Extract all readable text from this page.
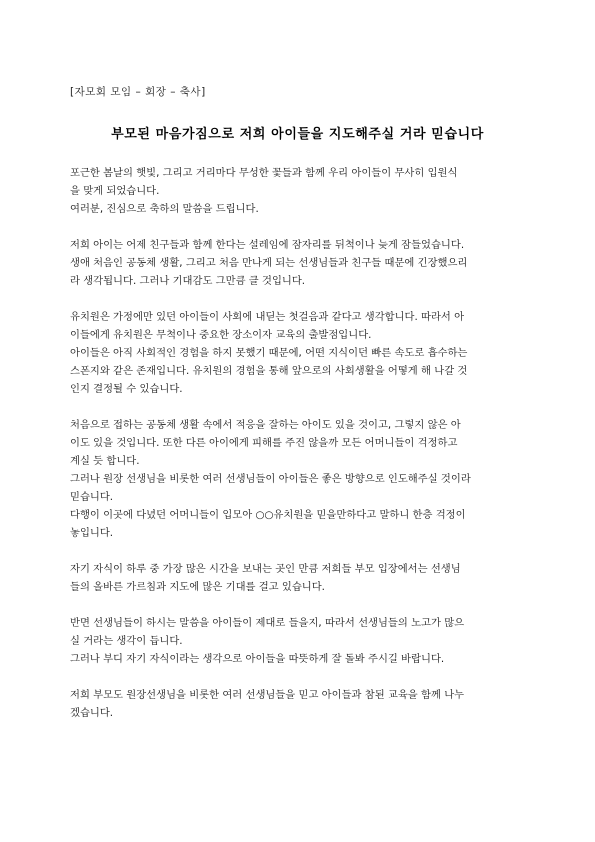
[자모회 모임 – 회장 – 축사]
부모된 마음가짐으로 저희 아이들을 지도해주실 거라 믿습니다
포근한 봄날의 햇빛, 그리고 거리마다 무성한 꽃들과 함께 우리 아이들이 무사히 입원식
을 맞게 되었습니다.
여러분, 진심으로 축하의 말씀을 드립니다.
저희 아이는 어제 친구들과 함께 한다는 설레임에 잠자리를 뒤척이나 늦게 잠들었습니다.
생애 처음인 공동체 생활, 그리고 처음 만나게 되는 선생님들과 친구들 때문에 긴장했으리
라 생각됩니다. 그러나 기대감도 그만큼 클 것입니다.
유치원은 가정에만 있던 아이들이 사회에 내딛는 첫걸음과 같다고 생각합니다. 따라서 아
이들에게 유치원은 무척이나 중요한 장소이자 교육의 출발점입니다.
아이들은 아직 사회적인 경험을 하지 못했기 때문에, 어떤 지식이던 빠른 속도로 흡수하는
스폰지와 같은 존재입니다. 유치원의 경험을 통해 앞으로의 사회생활을 어떻게 해 나갈 것
인지 결정될 수 있습니다.
처음으로 접하는 공동체 생활 속에서 적응을 잘하는 아이도 있을 것이고, 그렇지 않은 아
이도 있을 것입니다. 또한 다른 아이에게 피해를 주진 않을까 모든 어머니들이 걱정하고
계실 듯 합니다.
그러나 원장 선생님을 비롯한 여러 선생님들이 아이들은 좋은 방향으로 인도해주실 것이라
믿습니다.
다행이 이곳에 다녔던 어머니들이 입모아 ○○유치원을 믿을만하다고 말하니 한층 걱정이
놓입니다.
자기 자식이 하루 중 가장 많은 시간을 보내는 곳인 만큼 저희들 부모 입장에서는 선생님
들의 올바른 가르침과 지도에 많은 기대를 걸고 있습니다.
반면 선생님들이 하시는 말씀을 아이들이 제대로 들을지, 따라서 선생님들의 노고가 많으
실 거라는 생각이 듭니다.
그러나 부디 자기 자식이라는 생각으로 아이들을 따뜻하게 잘 돌봐 주시길 바랍니다.
저희 부모도 원장선생님을 비롯한 여러 선생님들을 믿고 아이들과 참된 교육을 함께 나누
겠습니다.
